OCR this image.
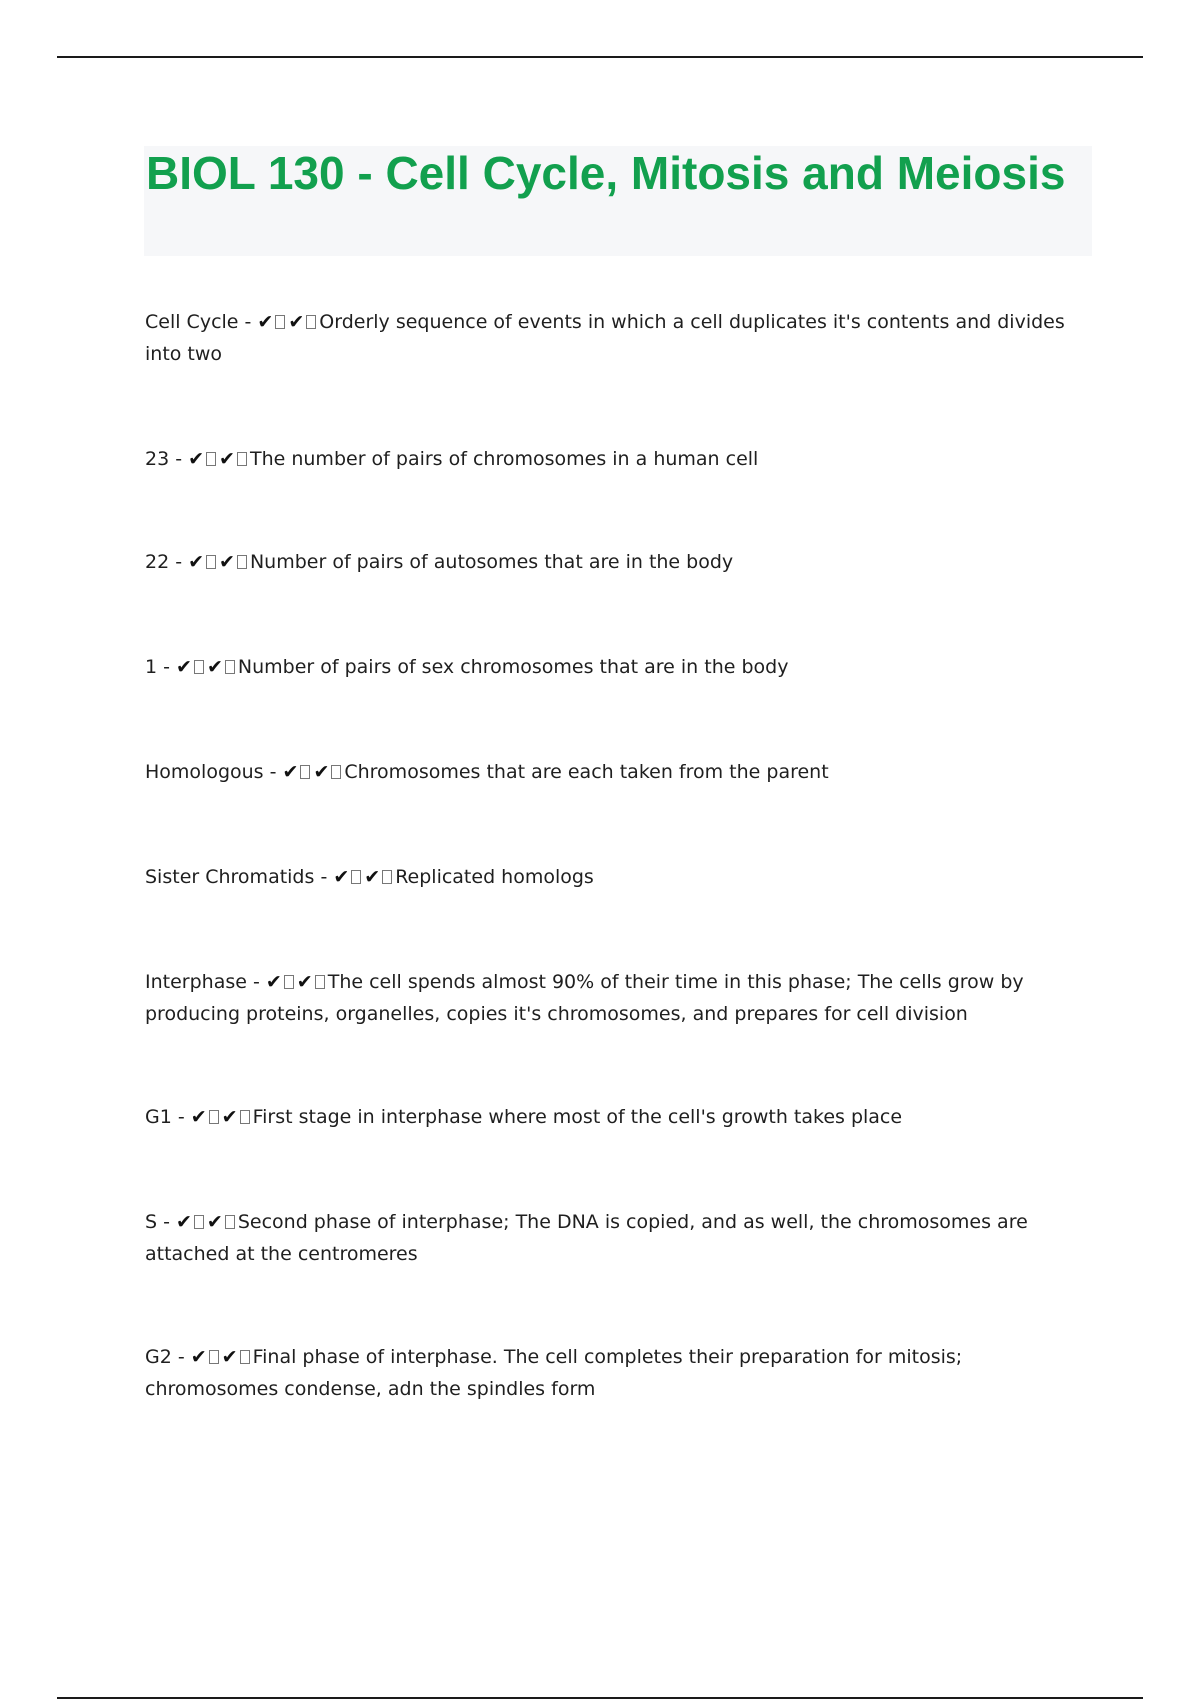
BIOL 130 - Cell Cycle, Mitosis and Meiosis
Cell Cycle - ✔ ✔ Orderly sequence of events in which a cell duplicates it's contents and divides into two
23 - ✔ ✔ The number of pairs of chromosomes in a human cell
22 - ✔ ✔ Number of pairs of autosomes that are in the body
1 - ✔ ✔ Number of pairs of sex chromosomes that are in the body
Homologous - ✔ ✔ Chromosomes that are each taken from the parent
Sister Chromatids - ✔ ✔ Replicated homologs
Interphase - ✔ ✔ The cell spends almost 90% of their time in this phase; The cells grow by producing proteins, organelles, copies it's chromosomes, and prepares for cell division
G1 - ✔ ✔ First stage in interphase where most of the cell's growth takes place
S - ✔ ✔ Second phase of interphase; The DNA is copied, and as well, the chromosomes are attached at the centromeres
G2 - ✔ ✔ Final phase of interphase. The cell completes their preparation for mitosis; chromosomes condense, adn the spindles form
